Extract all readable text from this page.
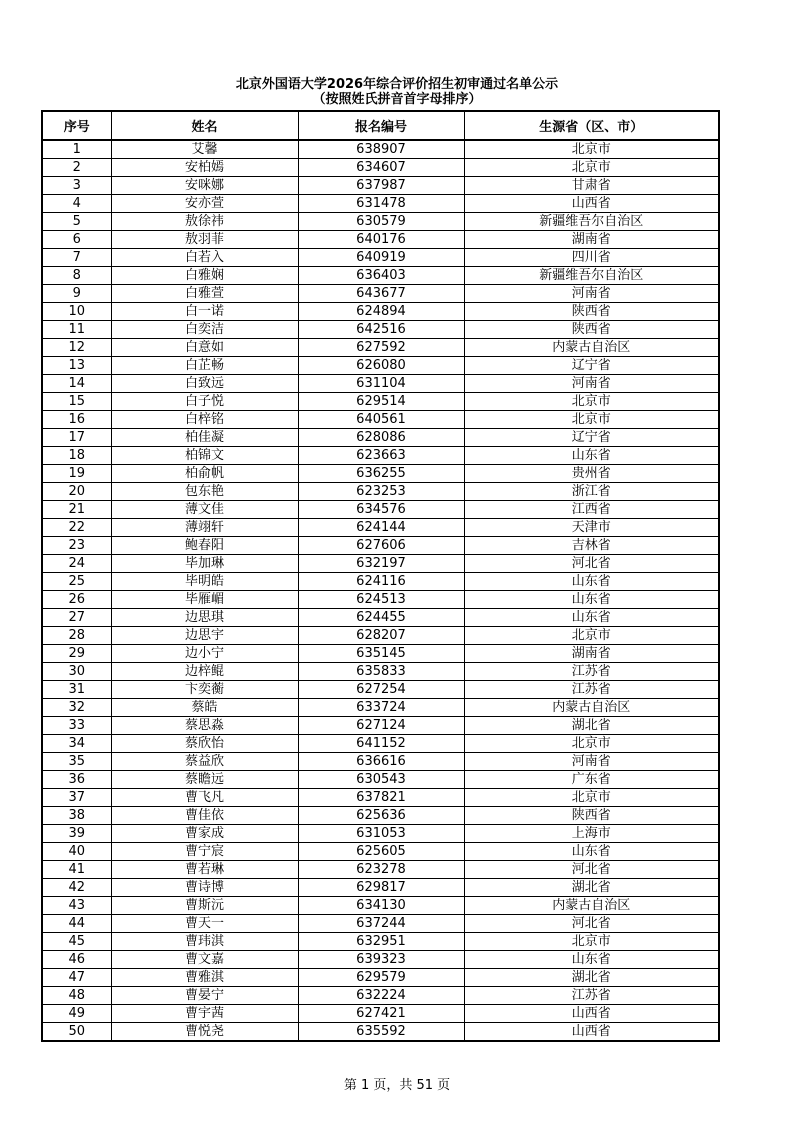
北京外国语大学2026年综合评价招生初审通过名单公示
（按照姓氏拼音首字母排序）
序号	姓名	报名编号	生源省（区、市）
1	艾馨	638907	北京市
2	安柏嫣	634607	北京市
3	安咪娜	637987	甘肃省
4	安亦萱	631478	山西省
5	敖徐祎	630579	新疆维吾尔自治区
6	敖羽菲	640176	湖南省
7	白若入	640919	四川省
8	白雅娴	636403	新疆维吾尔自治区
9	白雅萱	643677	河南省
10	白一诺	624894	陕西省
11	白奕洁	642516	陕西省
12	白意如	627592	内蒙古自治区
13	白芷畅	626080	辽宁省
14	白致远	631104	河南省
15	白子悦	629514	北京市
16	白梓铭	640561	北京市
17	柏佳凝	628086	辽宁省
18	柏锦文	623663	山东省
19	柏俞帆	636255	贵州省
20	包东艳	623253	浙江省
21	薄文佳	634576	江西省
22	薄翊轩	624144	天津市
23	鲍春阳	627606	吉林省
24	毕加琳	632197	河北省
25	毕明皓	624116	山东省
26	毕雁嵋	624513	山东省
27	边思琪	624455	山东省
28	边思宇	628207	北京市
29	边小宁	635145	湖南省
30	边梓鲲	635833	江苏省
31	卞奕蘅	627254	江苏省
32	蔡皓	633724	内蒙古自治区
33	蔡思淼	627124	湖北省
34	蔡欣怡	641152	北京市
35	蔡益欣	636616	河南省
36	蔡瞻远	630543	广东省
37	曹飞凡	637821	北京市
38	曹佳依	625636	陕西省
39	曹家成	631053	上海市
40	曹宁宸	625605	山东省
41	曹若琳	623278	河北省
42	曹诗博	629817	湖北省
43	曹斯沅	634130	内蒙古自治区
44	曹天一	637244	河北省
45	曹玮淇	632951	北京市
46	曹文嘉	639323	山东省
47	曹雅淇	629579	湖北省
48	曹晏宁	632224	江苏省
49	曹宇茜	627421	山西省
50	曹悦尧	635592	山西省
第 1 页，共 51 页
